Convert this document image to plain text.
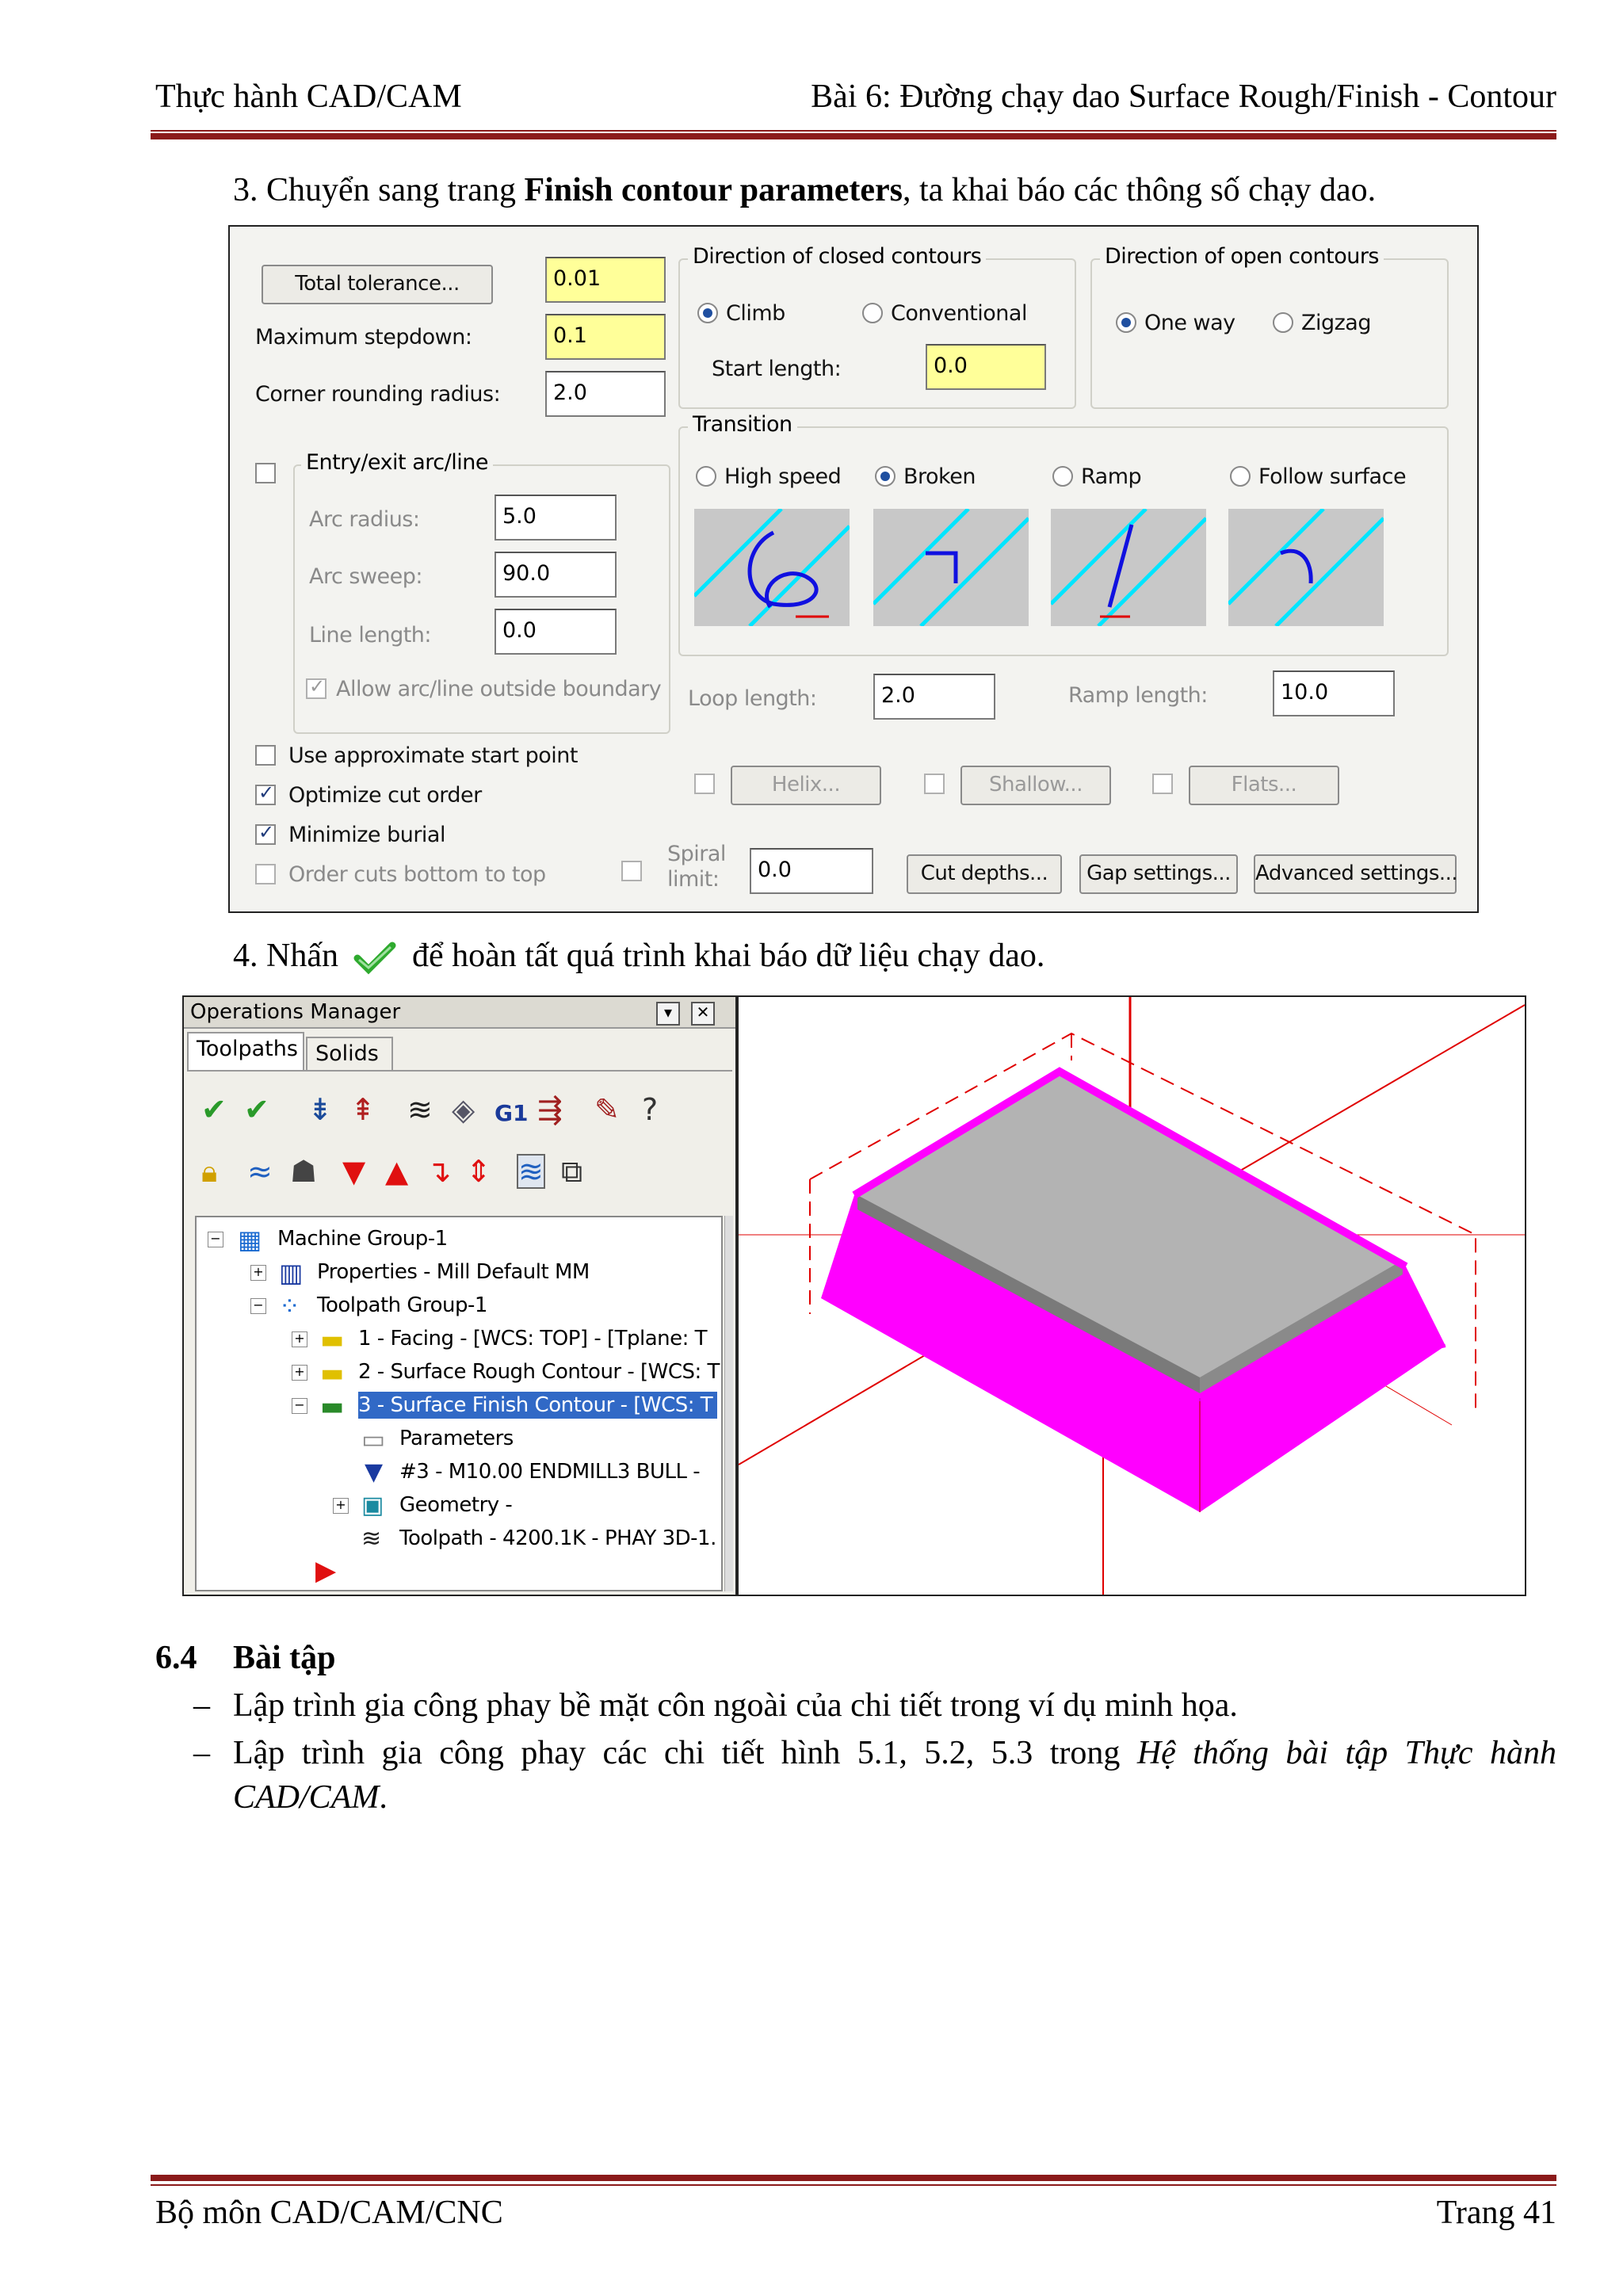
Thực hành CAD/CAM	Bài 6: Đường chạy dao Surface Rough/Finish - Contour
3. Chuyển sang trang Finish contour parameters, ta khai báo các thông số chạy dao.
Total tolerance...	0.01
Maximum stepdown:	0.1
Corner rounding radius:	2.0
Entry/exit arc/line
Arc radius:	5.0
Arc sweep:	90.0
Line length:	0.0
✓
Allow arc/line outside boundary
Use approximate start point
✓
Optimize cut order
✓
Minimize burial
Order cuts bottom to top
Direction of closed contours
Climb	Conventional
Start length:	0.0
Direction of open contours
One way	Zigzag
Transition
High speed	Broken	Ramp	Follow surface
Loop length:	2.0	Ramp length:	10.0
Helix...	Shallow...	Flats...
Spiral
limit:	0.0	Cut depths...	Gap settings...	Advanced settings...
4. Nhấn để hoàn tất quá trình khai báo dữ liệu chạy dao.
Operations Manager	▾	✕
Toolpaths Solids
✔ ✔ ⇟ ⇞ ≋ ◈ G1 ⇶ ✎ ?
🔒︎ ≈ ☗ ▼ ▲ ↴ ⇕ ≋ ⧉
− ▦ Machine Group-1
+ ▥ Properties - Mill Default MM
− ⁘ Toolpath Group-1
+ ▬ 1 - Facing - [WCS: TOP] - [Tplane: T
+ ▬ 2 - Surface Rough Contour - [WCS: T
− ▬ 3 - Surface Finish Contour - [WCS: T
▭ Parameters
▼ #3 - M10.00 ENDMILL3 BULL -
+ ▣ Geometry -
≋ Toolpath - 4200.1K - PHAY 3D-1.
▶
6.4 Bài tập
– Lập trình gia công phay bề mặt côn ngoài của chi tiết trong ví dụ minh họa.
– Lập trình gia công phay các chi tiết hình 5.1, 5.2, 5.3 trong Hệ thống bài tập Thực hành
CAD/CAM.
Bộ môn CAD/CAM/CNC	Trang 41
